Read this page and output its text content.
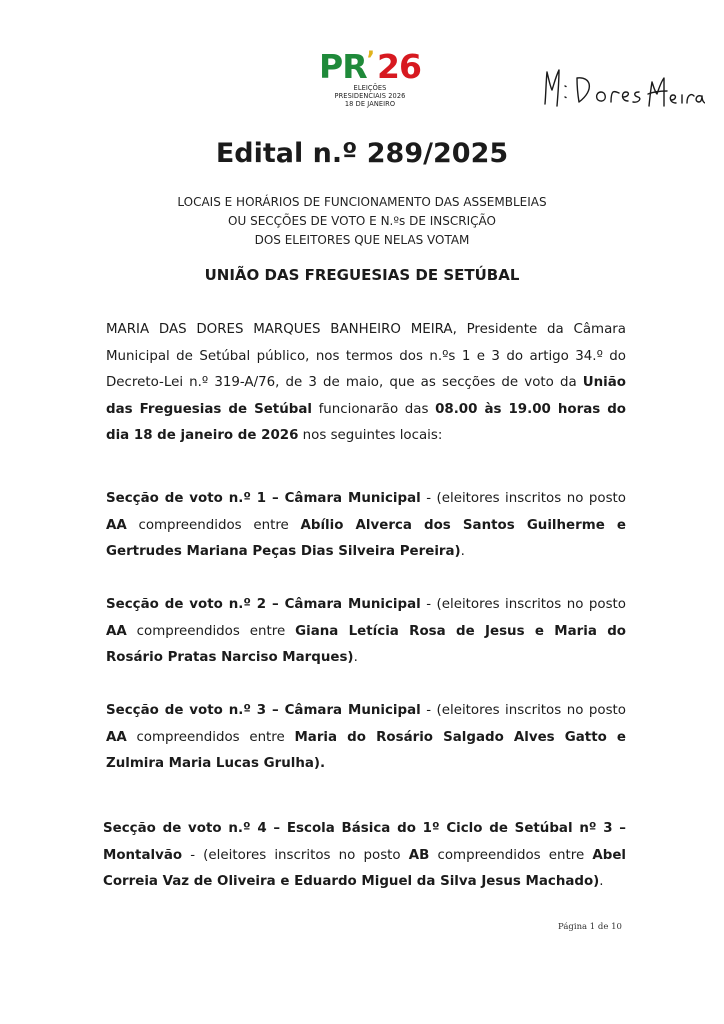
PR ’ 26
ELEIÇÕES
PRESIDENCIAIS 2026
18 DE JANEIRO
Edital n.º 289/2025
LOCAIS E HORÁRIOS DE FUNCIONAMENTO DAS ASSEMBLEIAS
OU SECÇÕES DE VOTO E N.ºs DE INSCRIÇÃO
DOS ELEITORES QUE NELAS VOTAM
UNIÃO DAS FREGUESIAS DE SETÚBAL

MARIA DAS DORES MARQUES BANHEIRO MEIRA, Presidente da Câmara Municipal de Setúbal público, nos termos dos n.ºs 1 e 3 do artigo 34.º do Decreto-Lei n.º 319-A/76, de 3 de maio, que as secções de voto da União das Freguesias de Setúbal funcionarão das 08.00 às 19.00 horas do dia 18 de janeiro de 2026 nos seguintes locais:

Secção de voto n.º 1 – Câmara Municipal - (eleitores inscritos no posto AA compreendidos entre Abílio Alverca dos Santos Guilherme e Gertrudes Mariana Peças Dias Silveira Pereira).

Secção de voto n.º 2 – Câmara Municipal - (eleitores inscritos no posto AA compreendidos entre Giana Letícia Rosa de Jesus e Maria do Rosário Pratas Narciso Marques).

Secção de voto n.º 3 – Câmara Municipal - (eleitores inscritos no posto AA compreendidos entre Maria do Rosário Salgado Alves Gatto e Zulmira Maria Lucas Grulha).

Secção de voto n.º 4 – Escola Básica do 1º Ciclo de Setúbal nº 3 – Montalvão - (eleitores inscritos no posto AB compreendidos entre Abel Correia Vaz de Oliveira e Eduardo Miguel da Silva Jesus Machado).

Página 1 de 10
